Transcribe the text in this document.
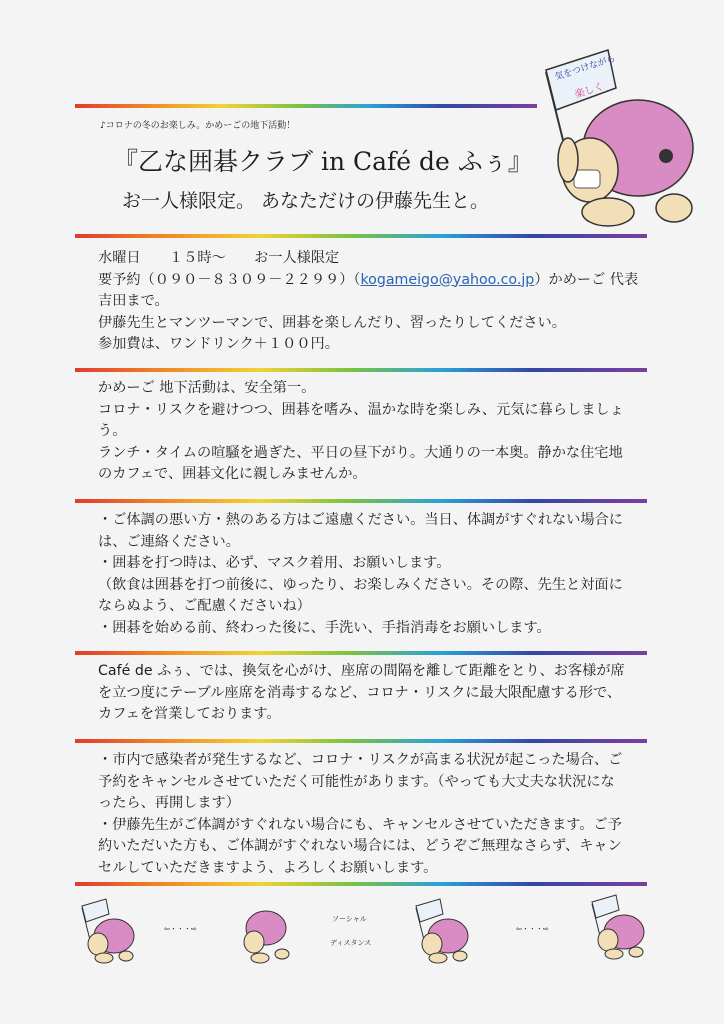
♪コロナの冬のお楽しみ。かめーごの地下活動！
『乙な囲碁クラブ in Café de ふぅ』
お一人様限定。 あなただけの伊藤先生と。
気をつけながら
楽しく
水曜日　　１５時～　　お一人様限定
要予約（０９０－８３０９－２２９９）（kogameigo@yahoo.co.jp）かめーご 代表
吉田まで。
伊藤先生とマンツーマンで、囲碁を楽しんだり、習ったりしてください。
参加費は、ワンドリンク＋１００円。
かめーご 地下活動は、安全第一。
コロナ・リスクを避けつつ、囲碁を嗜み、温かな時を楽しみ、元気に暮らしましょ
う。
ランチ・タイムの喧騒を過ぎた、平日の昼下がり。大通りの一本奥。静かな住宅地
のカフェで、囲碁文化に親しみませんか。
・ご体調の悪い方・熱のある方はご遠慮ください。当日、体調がすぐれない場合に
は、ご連絡ください。
・囲碁を打つ時は、必ず、マスク着用、お願いします。
（飲食は囲碁を打つ前後に、ゆったり、お楽しみください。その際、先生と対面に
ならぬよう、ご配慮くださいね）
・囲碁を始める前、終わった後に、手洗い、手指消毒をお願いします。
Café de ふぅ、では、換気を心がけ、座席の間隔を離して距離をとり、お客様が席
を立つ度にテーブル座席を消毒するなど、コロナ・リスクに最大限配慮する形で、
カフェを営業しております。
・市内で感染者が発生するなど、コロナ・リスクが高まる状況が起こった場合、ご
予約をキャンセルさせていただく可能性があります。（やっても大丈夫な状況にな
ったら、再開します）
・伊藤先生がご体調がすぐれない場合にも、キャンセルさせていただきます。ご予
約いただいた方も、ご体調がすぐれない場合には、どうぞご無理なさらず、キャン
セルしていただきますよう、よろしくお願いします。
⇦・・・⇨
ソーシャル
ディスタンス
⇦・・・⇨
